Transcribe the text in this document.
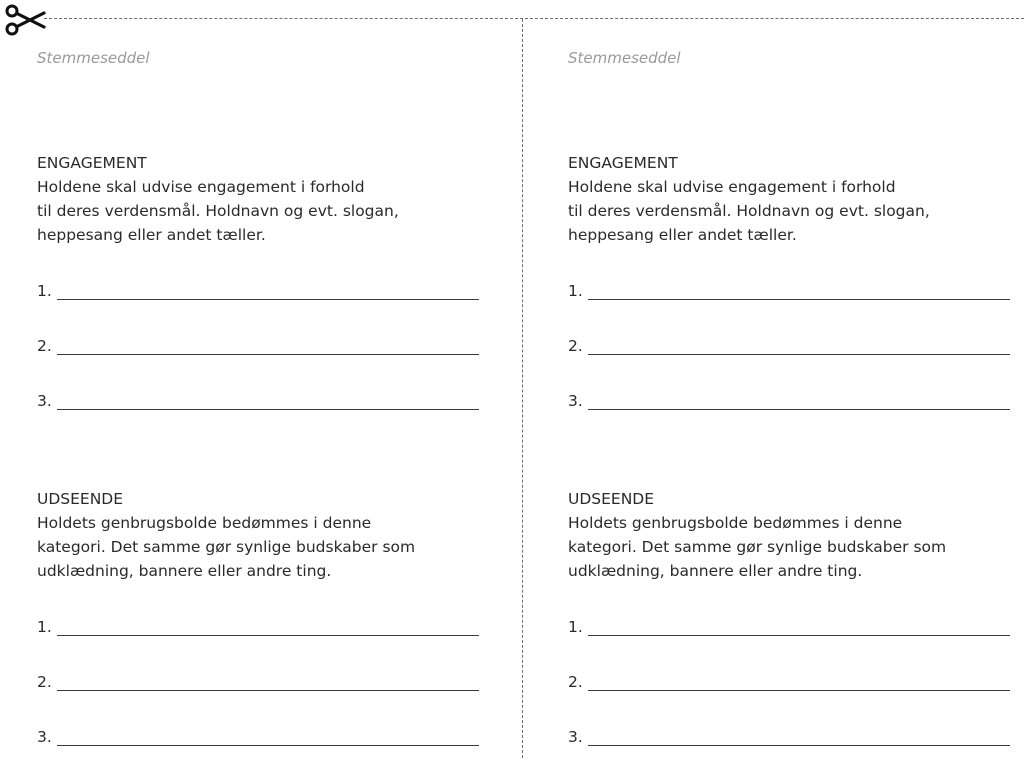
Stemmeseddel
ENGAGEMENT

Holdene skal udvise engagement i forhold
til deres verdensmål. Holdnavn og evt. slogan,
heppesang eller andet tæller.

1.
2.
3.
UDSEENDE

Holdets genbrugsbolde bedømmes i denne
kategori. Det samme gør synlige budskaber som
udklædning, bannere eller andre ting.

1.
2.
3.
Stemmeseddel
ENGAGEMENT

Holdene skal udvise engagement i forhold
til deres verdensmål. Holdnavn og evt. slogan,
heppesang eller andet tæller.

1.
2.
3.
UDSEENDE

Holdets genbrugsbolde bedømmes i denne
kategori. Det samme gør synlige budskaber som
udklædning, bannere eller andre ting.

1.
2.
3.
